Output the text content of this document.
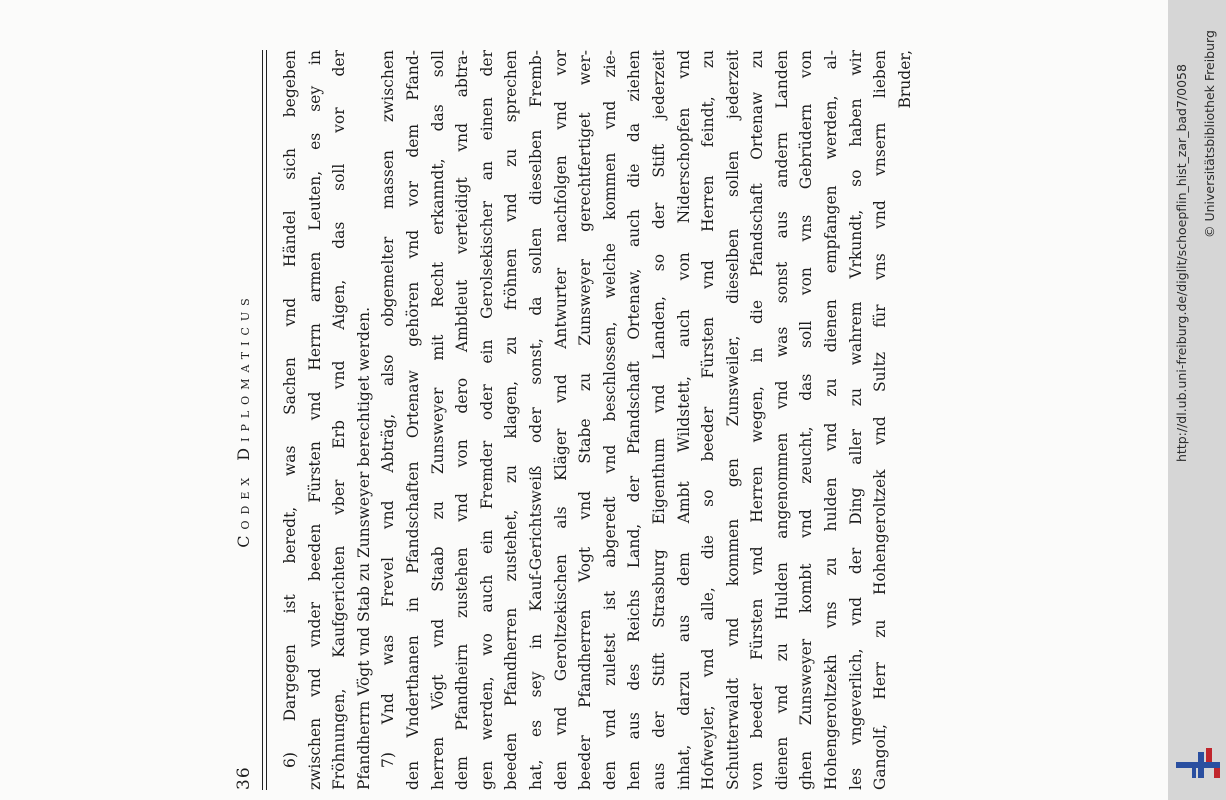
36
Codex Diplomaticus 6) Dargegen ist beredt, was Sachen vnd Händel sich begeben zwischen vnd vnder beeden Fürsten vnd Herrn armen Leuten, es sey in Fröhnungen, Kaufgerichten vber Erb vnd Aigen, das soll vor der Pfandherrn Vögt vnd Stab zu Zunsweyer berechtiget werden. 7) Vnd was Frevel vnd Abträg, also obgemelter massen zwischen den Vnderthanen in Pfandschaften Ortenaw gehören vnd vor dem Pfand- herren Vögt vnd Staab zu Zunsweyer mit Recht erkanndt, das soll dem Pfandheirn zustehen vnd von dero Ambtleut verteidigt vnd abtra- gen werden, wo auch ein Fremder oder ein Gerolsekischer an einen der beeden Pfandherren zustehet, zu klagen, zu fröhnen vnd zu sprechen hat, es sey in Kauf-Gerichtsweiß oder sonst, da sollen dieselben Fremb- den vnd Geroltzekischen als Kläger vnd Antwurter nachfolgen vnd vor beeder Pfandherren Vogt vnd Stabe zu Zunsweyer gerechtfertiget wer- den vnd zuletst ist abgeredt vnd beschlossen, welche kommen vnd zie- hen aus des Reichs Land, der Pfandschaft Ortenaw, auch die da ziehen aus der Stift Strasburg Eigenthum vnd Landen, so der Stift jederzeit inhat, darzu aus dem Ambt Wildstett, auch von Niderschopfen vnd Hofweyler, vnd alle, die so beeder Fürsten vnd Herren feindt, zu Schutterwaldt vnd kommen gen Zunsweiler, dieselben sollen jederzeit von beeder Fürsten vnd Herren wegen, in die Pfandschaft Ortenaw zu dienen vnd zu Hulden angenommen vnd was sonst aus andern Landen ghen Zunsweyer kombt vnd zeucht, das soll von vns Gebrüdern von Hohengeroltzekh vns zu hulden vnd zu dienen empfangen werden, al- les vngeverlich, vnd der Ding aller zu wahrem Vrkundt, so haben wir Gangolf, Herr zu Hohengeroltzek vnd Sultz für vns vnd vnsern lieben Bruder,	http://dl.ub.uni-freiburg.de/diglit/schoepflin_hist_zar_bad7/0058 © Universitätsbibliothek Freiburg
